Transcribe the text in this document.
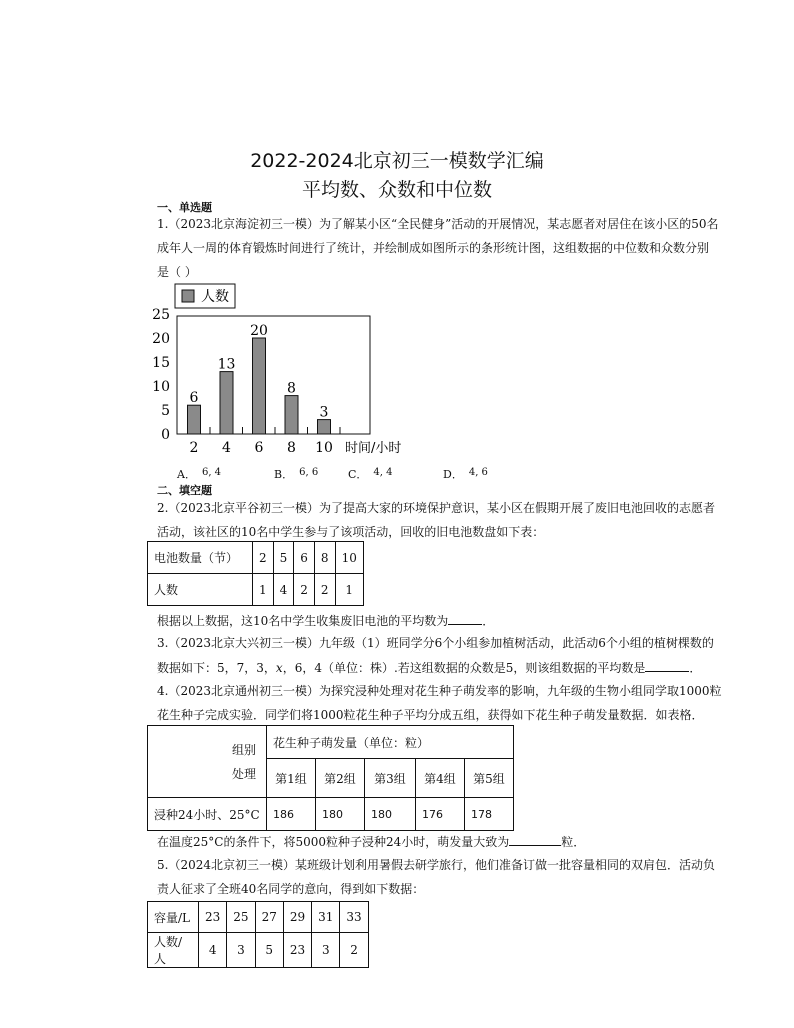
2022-2024北京初三一模数学汇编
平均数、众数和中位数
一、单选题
1.（2023北京海淀初三一模）为了解某小区“全民健身”活动的开展情况，某志愿者对居住在该小区的50名
成年人一周的体育锻炼时间进行了统计，并绘制成如图所示的条形统计图，这组数据的中位数和众数分别
是（ ）
人数
0
5
10
15
20
25
6
13
20
8
3
2 4 6 8 10 时间/小时
A． 6, 4	B． 6, 6	C． 4, 4	D． 4, 6
二、填空题
2.（2023北京平谷初三一模）为了提高大家的环境保护意识，某小区在假期开展了废旧电池回收的志愿者
活动，该社区的10名中学生参与了该项活动，回收的旧电池数盘如下表：
电池数量（节）	2	5	6	8	10
人数	1	4	2	2	1
根据以上数据，这10名中学生收集废旧电池的平均数为	．
3.（2023北京大兴初三一模）九年级（1）班同学分6个小组参加植树活动，此活动6个小组的植树棵数的
数据如下：5，7，3，x，6，4（单位：株）.若这组数据的众数是5，则该组数据的平均数是	．
4.（2023北京通州初三一模）为探究浸种处理对花生种子萌发率的影响，九年级的生物小组同学取1000粒
花生种子完成实验．同学们将1000粒花生种子平均分成五组，获得如下花生种子萌发量数据．如表格．
组别
处理	花生种子萌发量（单位：粒）				
	第1组	第2组	第3组	第4组	第5组
浸种24小时、25°C	186	180	180	176	178
在温度25°C的条件下，将5000粒种子浸种24小时，萌发量大致为	粒．
5.（2024北京初三一模）某班级计划利用暑假去研学旅行，他们准备订做一批容量相同的双肩包．活动负
责人征求了全班40名同学的意向，得到如下数据：
容量/L	23	25	27	29	31	33
人数/人	4	3	5	23	3	2
